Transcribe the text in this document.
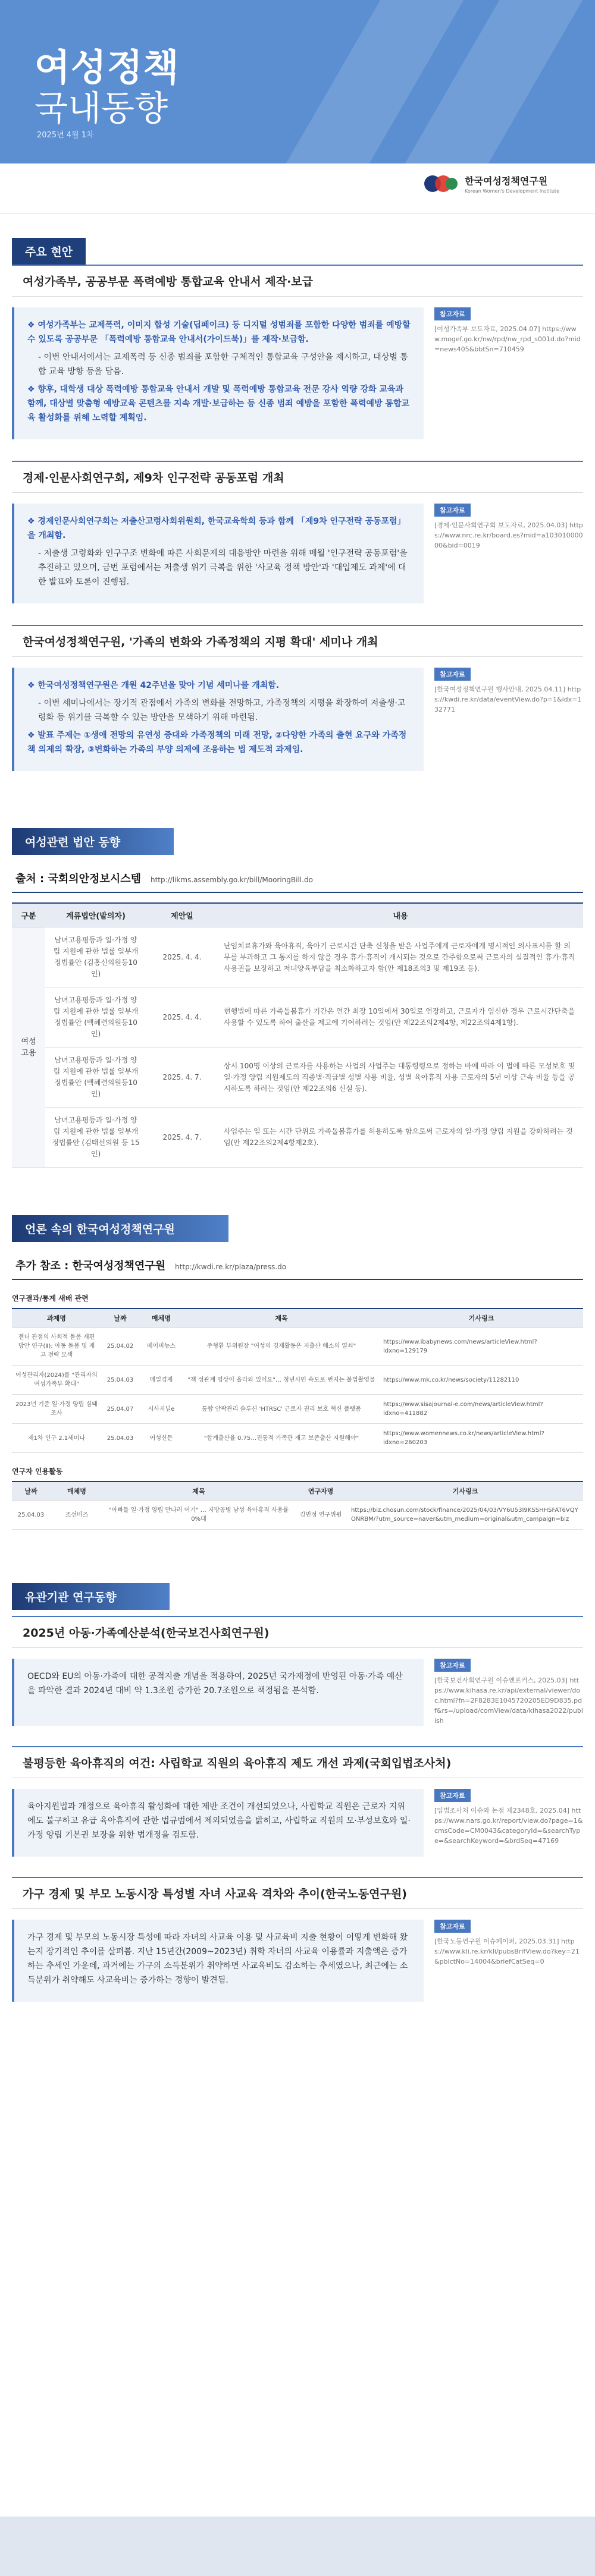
여성정책
국내동향
2025년 4월 1차
한국여성정책연구원
Korean Women's Development Institute
주요 현안
여성가족부, 공공부문 폭력예방 통합교육 안내서 제작·보급

❖ 여성가족부는 교제폭력, 이미지 합성 기술(딥페이크) 등 디지털 성범죄를 포함한 다양한 범죄를 예방할 수 있도록 공공부문 「폭력예방 통합교육 안내서(가이드북)」를 제작·보급함.

- 이번 안내서에서는 교제폭력 등 신종 범죄를 포함한 구체적인 통합교육 구성안을 제시하고, 대상별 통합 교육 방향 등을 담음.

❖ 향후, 대학생 대상 폭력예방 통합교육 안내서 개발 및 폭력예방 통합교육 전문 강사 역량 강화 교육과 함께, 대상별 맞춤형 예방교육 콘텐츠를 지속 개발·보급하는 등 신종 범죄 예방을 포함한 폭력예방 통합교육 활성화를 위해 노력할 계획임.

참고자료
[여성가족부 보도자료, 2025.04.07] https://www.mogef.go.kr/nw/rpd/nw_rpd_s001d.do?mid=news405&bbtSn=710459
경제·인문사회연구회, 제9차 인구전략 공동포럼 개최

❖ 경제인문사회연구회는 저출산고령사회위원회, 한국교육학회 등과 함께 「제9차 인구전략 공동포럼」을 개최함.

- 저출생 고령화와 인구구조 변화에 따른 사회문제의 대응방안 마련을 위해 매월 '인구전략 공동포럼'을 추진하고 있으며, 금번 포럼에서는 저출생 위기 극복을 위한 '사교육 정책 방안'과 '대입제도 과제'에 대한 발표와 토론이 진행됨.

참고자료
[경제·인문사회연구회 보도자료, 2025.04.03] https://www.nrc.re.kr/board.es?mid=a10301000000&bid=0019
한국여성정책연구원, '가족의 변화와 가족정책의 지평 확대' 세미나 개최

❖ 한국여성정책연구원은 개원 42주년을 맞아 기념 세미나를 개최함.

- 이번 세미나에서는 장기적 관점에서 가족의 변화를 전망하고, 가족정책의 지평을 확장하여 저출생·고령화 등 위기를 극복할 수 있는 방안을 모색하기 위해 마련됨.

❖ 발표 주제는 ①생애 전망의 유연성 증대와 가족정책의 미래 전망, ②다양한 가족의 출현 요구와 가족정책 의제의 확장, ③변화하는 가족의 부양 의제에 조응하는 법 제도적 과제임.

참고자료
[한국여성정책연구원 행사안내, 2025.04.11] https://kwdi.re.kr/data/eventView.do?p=1&idx=132771
여성관련 법안 동향
출처 : 국회의안정보시스템 http://likms.assembly.go.kr/bill/MooringBill.do
구분	계류법안(발의자)	제안일	내용
여성 고용	남녀고용평등과 일·가정 양립 지원에 관한 법률 일부개정법률안 (김홍신의원등10인)	2025. 4. 4.	난임치료휴가와 육아휴직, 육아기 근로시간 단축 신청을 받은 사업주에게 근로자에게 명시적인 의사표시를 할 의무를 부과하고 그 통지를 하지 않을 경우 휴가·휴직이 개시되는 것으로 간주함으로써 근로자의 실질적인 휴가·휴직 사용권을 보장하고 저녀양육부담을 최소화하고자 함(안 제18조의3 및 제19조 등).
	남녀고용평등과 일·가정 양립 지원에 관한 법률 일부개정법률안 (백혜련의원등10인)	2025. 4. 4.	현행법에 따른 가족돌봄휴가 기간은 연간 최장 10일에서 30일로 연장하고, 근로자가 임신한 경우 근로시간단축을 사용할 수 있도록 하여 출산을 제고에 기여하려는 것임(안 제22조의2제4항, 제22조의4제1항).
	남녀고용평등과 일·가정 양립 지원에 관한 법률 일부개정법률안 (백혜련의원등10인)	2025. 4. 7.	상시 100명 이상의 근로자를 사용하는 사업의 사업주는 대통령령으로 정하는 바에 따라 이 법에 따른 모성보호 및 일·가정 양립 지원제도의 직종별·직급별 성별 사용 비율, 성별 육아휴직 사용 근로자의 5년 이상 근속 비율 등을 공시하도록 하려는 것임(안 제22조의6 신설 등).
	남녀고용평등과 일·가정 양립 지원에 관한 법률 일부개정법률안 (김태선의원 등 15인)	2025. 4. 7.	사업주는 일 또는 시간 단위로 가족돌봄휴가를 허용하도록 함으로써 근로자의 일·가정 양립 지원을 강화하려는 것임(안 제22조의2제4항제2호).
언론 속의 한국여성정책연구원
추가 참조 : 한국여성정책연구원 http://kwdi.re.kr/plaza/press.do
연구결과/통계 새배 관련
과제명	날짜	매체명	제목	기사링크
젠더 관점의 사회적 돌봄 재편방안 연구(Ⅱ): 아동 돌봄 및 재고 전략 모색	25.04.02	베이비뉴스	주형환 부위원장 "여성의 경제활동은 저출산 해소의 열쇠"	https://www.ibabynews.com/news/articleView.html?idxno=129179
여성관리자(2024)를 "관리자의 여성가족부 확대"	25.04.03	매일경제	"책 성관계 영상이 올라와 있어요"… 청년시민 속도로 번지는 불법촬영물	https://www.mk.co.kr/news/society/11282110
2023년 기준 일·가정 양립 실태조사	25.04.07	시사저널e	통합 안팍관리 솔루션 'HTRSC' 근로자 권리 보호 혁신 플랫폼	https://www.sisajournal-e.com/news/articleView.html?idxno=411882
제1차 인구 2.1세미나	25.04.03	여성신문	"합계출산율 0.75…진통적 가족관 재고 보존출산 지원해야"	https://www.womennews.co.kr/news/articleView.html?idxno=260203
연구자 인용활동
날짜	매체명	제목	연구자명	기사링크
25.04.03	조선비즈	"아빠들 일·가정 양립 만나러 여기" … 지방공병 남성 육아휴직 사용률 0%대	김민정 연구위원	https://biz.chosun.com/stock/finance/2025/04/03/VY6U53I9KSSHHSFAT6VQYONRBM/?utm_source=naver&utm_medium=original&utm_campaign=biz
유관기관 연구동향
2025년 아동·가족예산분석(한국보건사회연구원)

OECD와 EU의 아동·가족에 대한 공적지출 개념을 적용하여, 2025년 국가재정에 반영된 아동·가족 예산을 파악한 결과 2024년 대비 약 1.3조원 증가한 20.7조원으로 책정됨을 분석함.

참고자료
[한국보건사회연구원 이슈앤포커스, 2025.03] https://www.kihasa.re.kr/api/external/viewer/doc.html?fn=2F8283E1045720205ED9D835.pdf&rs=/upload/comView/data/kihasa2022/publish
불평등한 육아휴직의 여건: 사립학교 직원의 육아휴직 제도 개선 과제(국회입법조사처)

육아지원법과 개정으로 육아휴직 활성화에 대한 제반 조건이 개선되었으나, 사립학교 직원은 근로자 지위에도 불구하고 유급 육아휴직에 관한 법규범에서 제외되었음을 밝히고, 사립학교 직원의 모·부성보호와 일·가정 양립 기본권 보장을 위한 법개정을 검토함.

참고자료
[입법조사처 이슈와 논점 제2348호, 2025.04] https://www.nars.go.kr/report/view.do?page=1&cmsCode=CM0043&categoryId=&searchType=&searchKeyword=&brdSeq=47169
가구 경제 및 부모 노동시장 특성별 자녀 사교육 격차와 추이(한국노동연구원)

가구 경제 및 부모의 노동시장 특성에 따라 자녀의 사교육 이용 및 사교육비 지출 현황이 어떻게 변화해 왔는지 장기적인 추이를 살펴봄. 지난 15년간(2009~2023년) 취학 자녀의 사교육 이용률과 지출액은 증가하는 추세인 가운데, 과거에는 가구의 소득분위가 취약하면 사교육비도 감소하는 추세였으나, 최근에는 소득분위가 취약해도 사교육비는 증가하는 경향이 발견됨.

참고자료
[한국노동연구원 이슈페이퍼, 2025.03.31] https://www.kli.re.kr/kli/pubsBrifView.do?key=21&pblctNo=14004&briefCatSeq=0
